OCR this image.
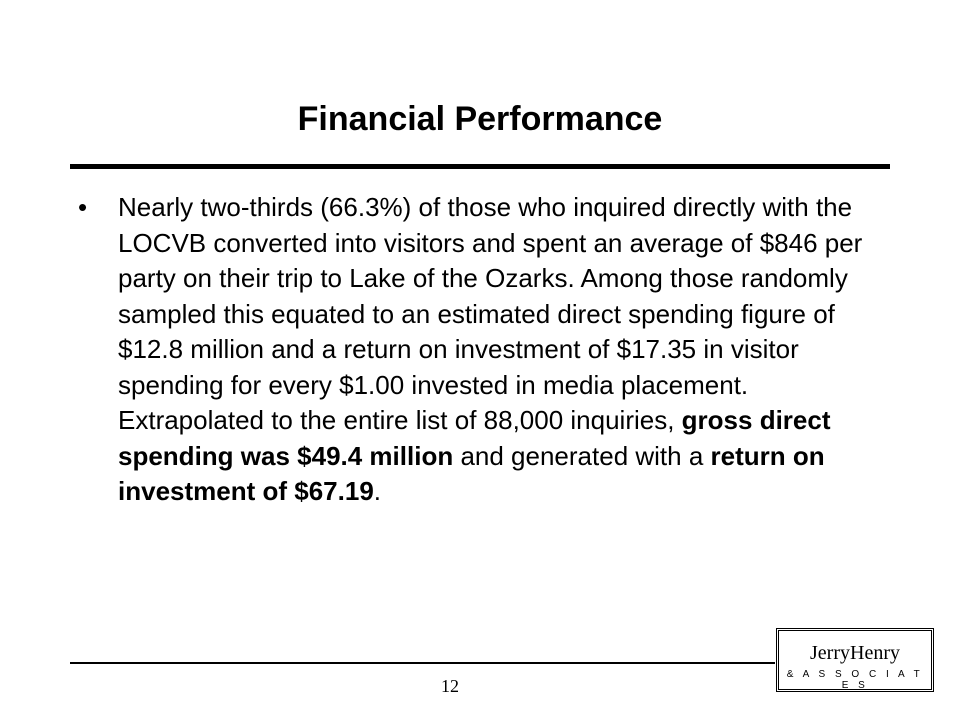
Financial Performance
• Nearly two-thirds (66.3%) of those who inquired directly with the LOCVB converted into visitors and spent an average of $846 per party on their trip to Lake of the Ozarks. Among those randomly sampled this equated to an estimated direct spending figure of $12.8 million and a return on investment of $17.35 in visitor spending for every $1.00 invested in media placement. Extrapolated to the entire list of 88,000 inquiries, gross direct spending was $49.4 million and generated with a return on investment of $67.19.
12
JerryHenry
& A S S O C I A T E S
